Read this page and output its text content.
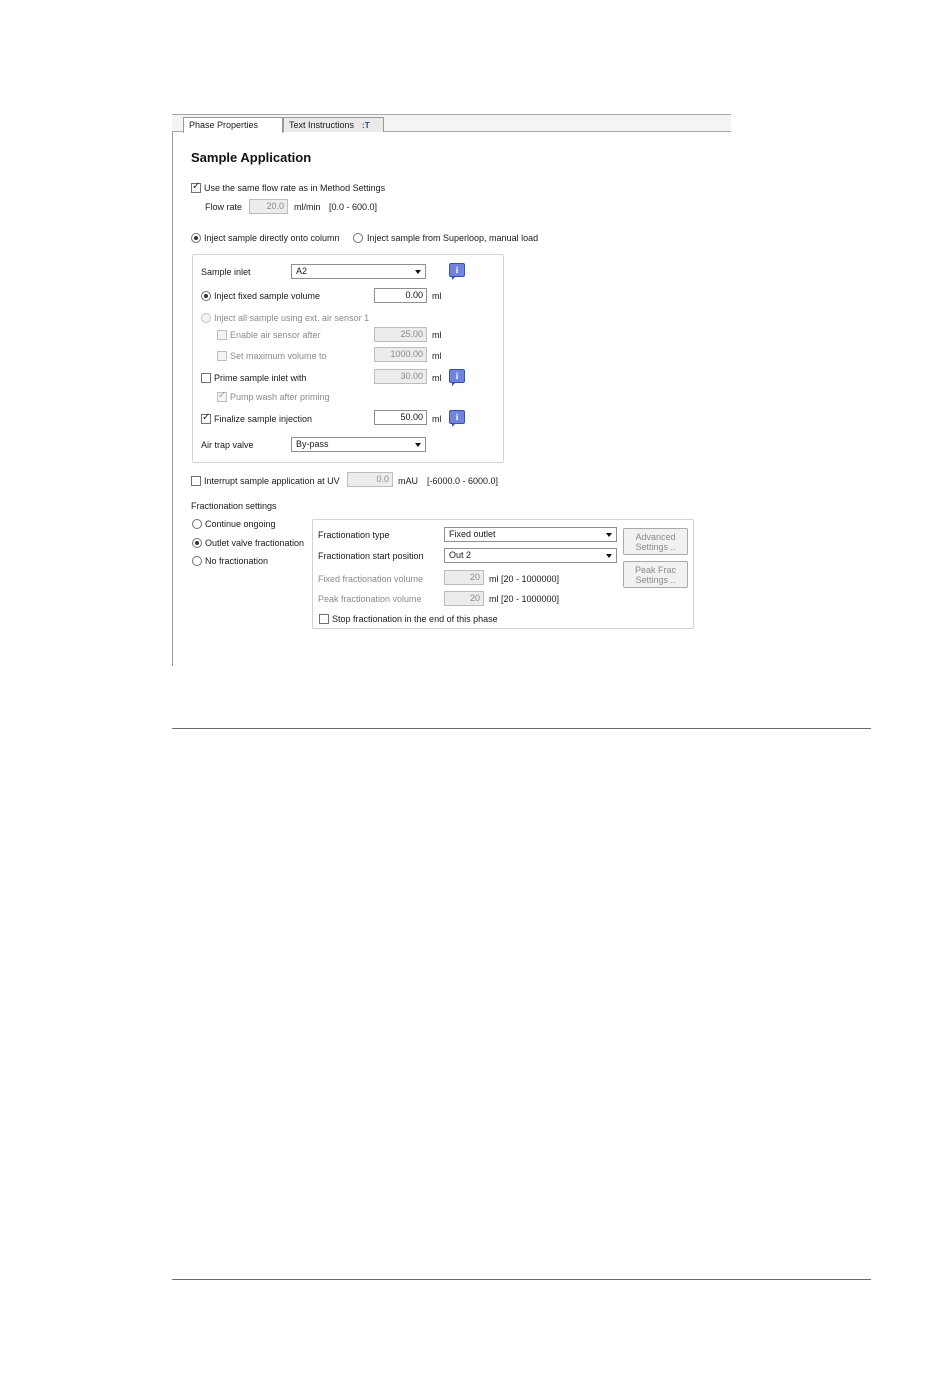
Phase Properties	Text Instructions :T
Sample Application
✓
Use the same flow rate as in Method Settings
Flow rate	20.0	ml/min [0.0 - 600.0]
Inject sample directly onto column	Inject sample from Superloop, manual load
Sample inlet	A2	i
Inject fixed sample volume	0.00	ml
Inject all sample using ext. air sensor 1
Enable air sensor after	25.00	ml
Set maximum volume to	1000.00	ml
Prime sample inlet with	30.00	ml	i
✓
Pump wash after priming
✓
Finalize sample injection	50.00	ml	i
Air trap valve	By-pass
Interrupt sample application at UV	0.0	mAU [-6000.0 - 6000.0]
Fractionation settings
Continue ongoing
Outlet valve fractionation
No fractionation
Fractionation type	Fixed outlet
Fractionation start position	Out 2
Fixed fractionation volume	20	ml [20 - 1000000]
Peak fractionation volume	20	ml [20 - 1000000]
Stop fractionation in the end of this phase
Advanced
Settings ..
Peak Frac
Settings ..
